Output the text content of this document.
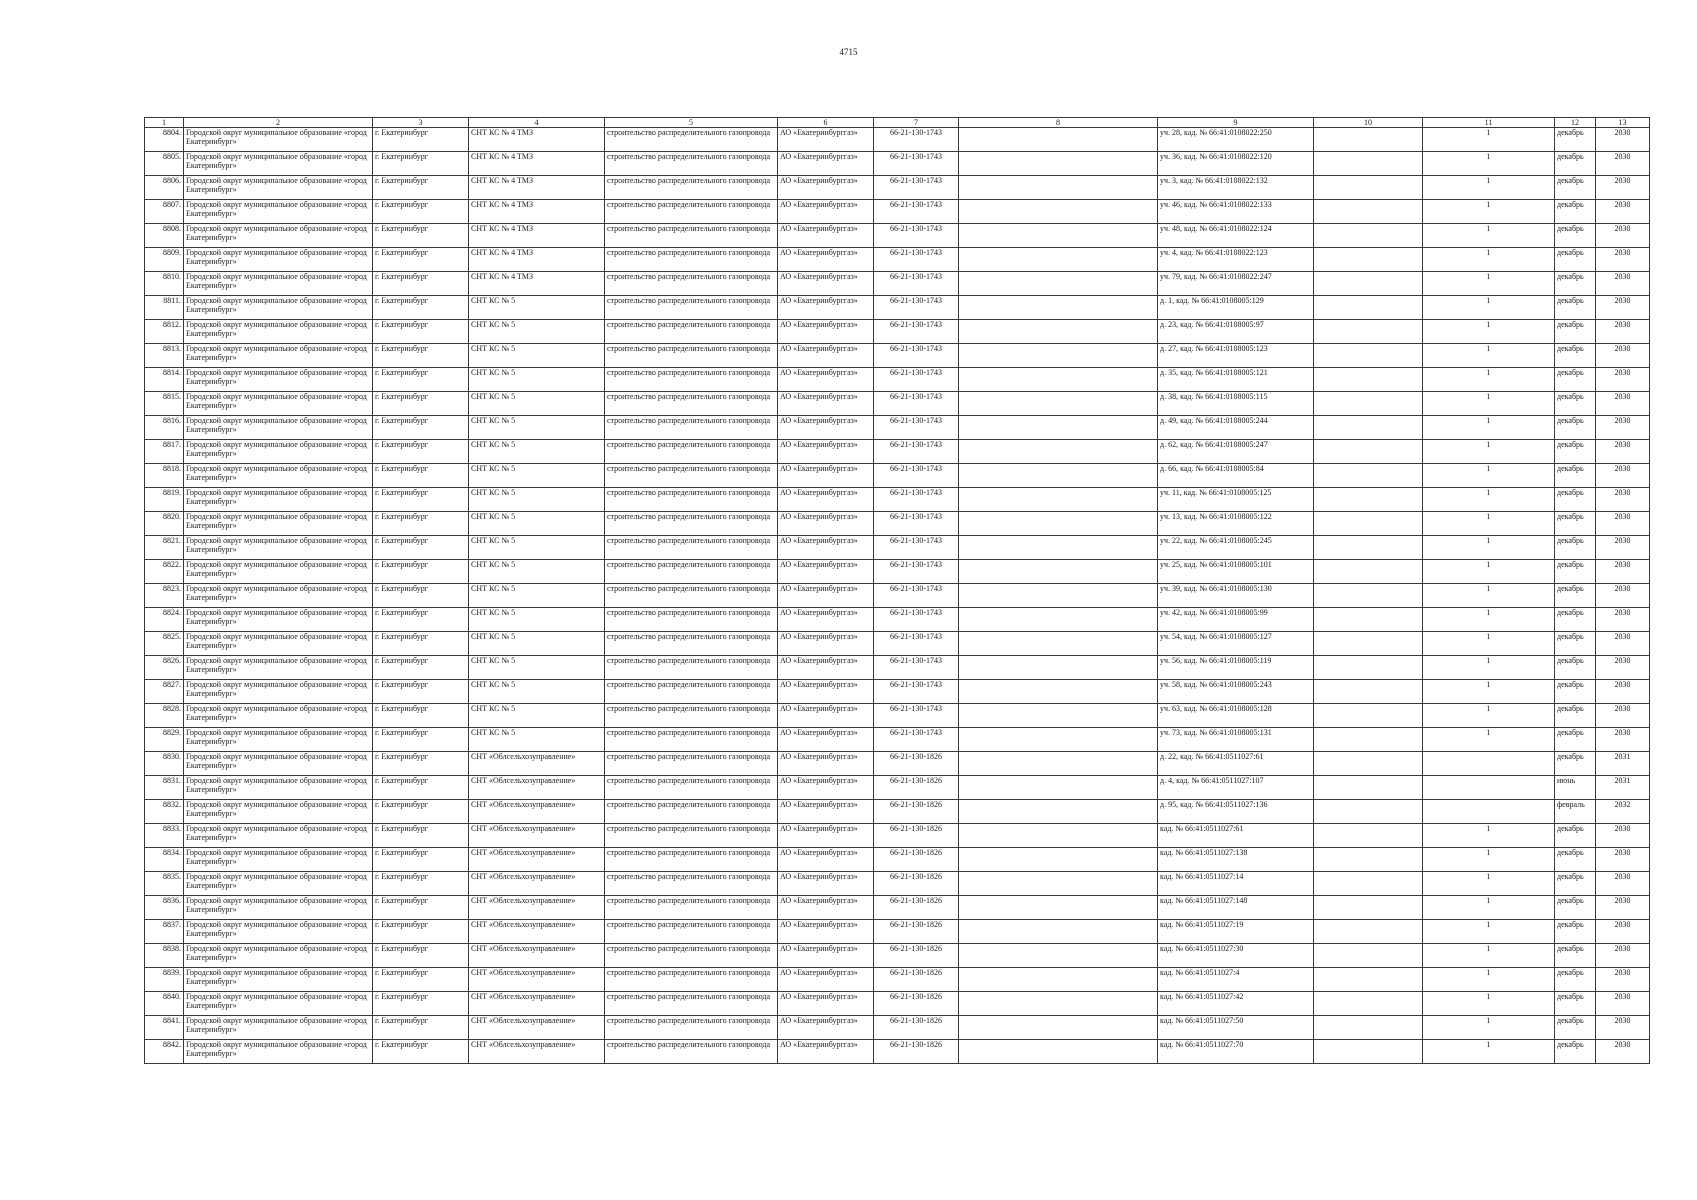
4715
1	2	3	4	5	6	7	8	9	10	11	12	13
8804.	Городской округ муниципальное образование «город Екатеринбург»	г. Екатеринбург	СНТ КС № 4 ТМЗ	строительство распределительного газопровода	АО «Екатеринбурггаз»	66-21-130-1743		уч. 28, кад. № 66:41:0108022:250		1	декабрь	2030
8805.	Городской округ муниципальное образование «город Екатеринбург»	г. Екатеринбург	СНТ КС № 4 ТМЗ	строительство распределительного газопровода	АО «Екатеринбурггаз»	66-21-130-1743		уч. 36, кад. № 66:41:0108022:120		1	декабрь	2030
8806.	Городской округ муниципальное образование «город Екатеринбург»	г. Екатеринбург	СНТ КС № 4 ТМЗ	строительство распределительного газопровода	АО «Екатеринбурггаз»	66-21-130-1743		уч. 3, кад. № 66:41:0108022:132		1	декабрь	2030
8807.	Городской округ муниципальное образование «город Екатеринбург»	г. Екатеринбург	СНТ КС № 4 ТМЗ	строительство распределительного газопровода	АО «Екатеринбурггаз»	66-21-130-1743		уч. 46, кад. № 66:41:0108022:133		1	декабрь	2030
8808.	Городской округ муниципальное образование «город Екатеринбург»	г. Екатеринбург	СНТ КС № 4 ТМЗ	строительство распределительного газопровода	АО «Екатеринбурггаз»	66-21-130-1743		уч. 48, кад. № 66:41:0108022:124		1	декабрь	2030
8809.	Городской округ муниципальное образование «город Екатеринбург»	г. Екатеринбург	СНТ КС № 4 ТМЗ	строительство распределительного газопровода	АО «Екатеринбурггаз»	66-21-130-1743		уч. 4, кад. № 66:41:0108022:123		1	декабрь	2030
8810.	Городской округ муниципальное образование «город Екатеринбург»	г. Екатеринбург	СНТ КС № 4 ТМЗ	строительство распределительного газопровода	АО «Екатеринбурггаз»	66-21-130-1743		уч. 79, кад. № 66:41:0108022:247		1	декабрь	2030
8811.	Городской округ муниципальное образование «город Екатеринбург»	г. Екатеринбург	СНТ КС № 5	строительство распределительного газопровода	АО «Екатеринбурггаз»	66-21-130-1743		д. 1, кад. № 66:41:0108005:129		1	декабрь	2030
8812.	Городской округ муниципальное образование «город Екатеринбург»	г. Екатеринбург	СНТ КС № 5	строительство распределительного газопровода	АО «Екатеринбурггаз»	66-21-130-1743		д. 23, кад. № 66:41:0108005:97		1	декабрь	2030
8813.	Городской округ муниципальное образование «город Екатеринбург»	г. Екатеринбург	СНТ КС № 5	строительство распределительного газопровода	АО «Екатеринбурггаз»	66-21-130-1743		д. 27, кад. № 66:41:0108005:123		1	декабрь	2030
8814.	Городской округ муниципальное образование «город Екатеринбург»	г. Екатеринбург	СНТ КС № 5	строительство распределительного газопровода	АО «Екатеринбурггаз»	66-21-130-1743		д. 35, кад. № 66:41:0108005:121		1	декабрь	2030
8815.	Городской округ муниципальное образование «город Екатеринбург»	г. Екатеринбург	СНТ КС № 5	строительство распределительного газопровода	АО «Екатеринбурггаз»	66-21-130-1743		д. 38, кад. № 66:41:0108005:115		1	декабрь	2030
8816.	Городской округ муниципальное образование «город Екатеринбург»	г. Екатеринбург	СНТ КС № 5	строительство распределительного газопровода	АО «Екатеринбурггаз»	66-21-130-1743		д. 49, кад. № 66:41:0108005:244		1	декабрь	2030
8817.	Городской округ муниципальное образование «город Екатеринбург»	г. Екатеринбург	СНТ КС № 5	строительство распределительного газопровода	АО «Екатеринбурггаз»	66-21-130-1743		д. 62, кад. № 66:41:0108005:247		1	декабрь	2030
8818.	Городской округ муниципальное образование «город Екатеринбург»	г. Екатеринбург	СНТ КС № 5	строительство распределительного газопровода	АО «Екатеринбурггаз»	66-21-130-1743		д. 66, кад. № 66:41:0108005:84		1	декабрь	2030
8819.	Городской округ муниципальное образование «город Екатеринбург»	г. Екатеринбург	СНТ КС № 5	строительство распределительного газопровода	АО «Екатеринбурггаз»	66-21-130-1743		уч. 11, кад. № 66:41:0108005:125		1	декабрь	2030
8820.	Городской округ муниципальное образование «город Екатеринбург»	г. Екатеринбург	СНТ КС № 5	строительство распределительного газопровода	АО «Екатеринбурггаз»	66-21-130-1743		уч. 13, кад. № 66:41:0108005:122		1	декабрь	2030
8821.	Городской округ муниципальное образование «город Екатеринбург»	г. Екатеринбург	СНТ КС № 5	строительство распределительного газопровода	АО «Екатеринбурггаз»	66-21-130-1743		уч. 22, кад. № 66:41:0108005:245		1	декабрь	2030
8822.	Городской округ муниципальное образование «город Екатеринбург»	г. Екатеринбург	СНТ КС № 5	строительство распределительного газопровода	АО «Екатеринбурггаз»	66-21-130-1743		уч. 25, кад. № 66:41:0108005:101		1	декабрь	2030
8823.	Городской округ муниципальное образование «город Екатеринбург»	г. Екатеринбург	СНТ КС № 5	строительство распределительного газопровода	АО «Екатеринбурггаз»	66-21-130-1743		уч. 39, кад. № 66:41:0108005:130		1	декабрь	2030
8824.	Городской округ муниципальное образование «город Екатеринбург»	г. Екатеринбург	СНТ КС № 5	строительство распределительного газопровода	АО «Екатеринбурггаз»	66-21-130-1743		уч. 42, кад. № 66:41:0108005:99		1	декабрь	2030
8825.	Городской округ муниципальное образование «город Екатеринбург»	г. Екатеринбург	СНТ КС № 5	строительство распределительного газопровода	АО «Екатеринбурггаз»	66-21-130-1743		уч. 54, кад. № 66:41:0108005:127		1	декабрь	2030
8826.	Городской округ муниципальное образование «город Екатеринбург»	г. Екатеринбург	СНТ КС № 5	строительство распределительного газопровода	АО «Екатеринбурггаз»	66-21-130-1743		уч. 56, кад. № 66:41:0108005:119		1	декабрь	2030
8827.	Городской округ муниципальное образование «город Екатеринбург»	г. Екатеринбург	СНТ КС № 5	строительство распределительного газопровода	АО «Екатеринбурггаз»	66-21-130-1743		уч. 58, кад. № 66:41:0108005:243		1	декабрь	2030
8828.	Городской округ муниципальное образование «город Екатеринбург»	г. Екатеринбург	СНТ КС № 5	строительство распределительного газопровода	АО «Екатеринбурггаз»	66-21-130-1743		уч. 63, кад. № 66:41:0108005:128		1	декабрь	2030
8829.	Городской округ муниципальное образование «город Екатеринбург»	г. Екатеринбург	СНТ КС № 5	строительство распределительного газопровода	АО «Екатеринбурггаз»	66-21-130-1743		уч. 73, кад. № 66:41:0108005:131		1	декабрь	2030
8830.	Городской округ муниципальное образование «город Екатеринбург»	г. Екатеринбург	СНТ «Облсельхозуправление»	строительство распределительного газопровода	АО «Екатеринбурггаз»	66-21-130-1826		д. 22, кад. № 66:41:0511027:61			декабрь	2031
8831.	Городской округ муниципальное образование «город Екатеринбург»	г. Екатеринбург	СНТ «Облсельхозуправление»	строительство распределительного газопровода	АО «Екатеринбурггаз»	66-21-130-1826		д. 4, кад. № 66:41:0511027:107			июнь	2031
8832.	Городской округ муниципальное образование «город Екатеринбург»	г. Екатеринбург	СНТ «Облсельхозуправление»	строительство распределительного газопровода	АО «Екатеринбурггаз»	66-21-130-1826		д. 95, кад. № 66:41:0511027:136			февраль	2032
8833.	Городской округ муниципальное образование «город Екатеринбург»	г. Екатеринбург	СНТ «Облсельхозуправление»	строительство распределительного газопровода	АО «Екатеринбурггаз»	66-21-130-1826		кад. № 66:41:0511027:61		1	декабрь	2030
8834.	Городской округ муниципальное образование «город Екатеринбург»	г. Екатеринбург	СНТ «Облсельхозуправление»	строительство распределительного газопровода	АО «Екатеринбурггаз»	66-21-130-1826		кад. № 66:41:0511027:138		1	декабрь	2030
8835.	Городской округ муниципальное образование «город Екатеринбург»	г. Екатеринбург	СНТ «Облсельхозуправление»	строительство распределительного газопровода	АО «Екатеринбурггаз»	66-21-130-1826		кад. № 66:41:0511027:14		1	декабрь	2030
8836.	Городской округ муниципальное образование «город Екатеринбург»	г. Екатеринбург	СНТ «Облсельхозуправление»	строительство распределительного газопровода	АО «Екатеринбурггаз»	66-21-130-1826		кад. № 66:41:0511027:148		1	декабрь	2030
8837.	Городской округ муниципальное образование «город Екатеринбург»	г. Екатеринбург	СНТ «Облсельхозуправление»	строительство распределительного газопровода	АО «Екатеринбурггаз»	66-21-130-1826		кад. № 66:41:0511027:19		1	декабрь	2030
8838.	Городской округ муниципальное образование «город Екатеринбург»	г. Екатеринбург	СНТ «Облсельхозуправление»	строительство распределительного газопровода	АО «Екатеринбурггаз»	66-21-130-1826		кад. № 66:41:0511027:30		1	декабрь	2030
8839.	Городской округ муниципальное образование «город Екатеринбург»	г. Екатеринбург	СНТ «Облсельхозуправление»	строительство распределительного газопровода	АО «Екатеринбурггаз»	66-21-130-1826		кад. № 66:41:0511027:4		1	декабрь	2030
8840.	Городской округ муниципальное образование «город Екатеринбург»	г. Екатеринбург	СНТ «Облсельхозуправление»	строительство распределительного газопровода	АО «Екатеринбурггаз»	66-21-130-1826		кад. № 66:41:0511027:42		1	декабрь	2030
8841.	Городской округ муниципальное образование «город Екатеринбург»	г. Екатеринбург	СНТ «Облсельхозуправление»	строительство распределительного газопровода	АО «Екатеринбурггаз»	66-21-130-1826		кад. № 66:41:0511027:50		1	декабрь	2030
8842.	Городской округ муниципальное образование «город Екатеринбург»	г. Екатеринбург	СНТ «Облсельхозуправление»	строительство распределительного газопровода	АО «Екатеринбурггаз»	66-21-130-1826		кад. № 66:41:0511027:70		1	декабрь	2030
